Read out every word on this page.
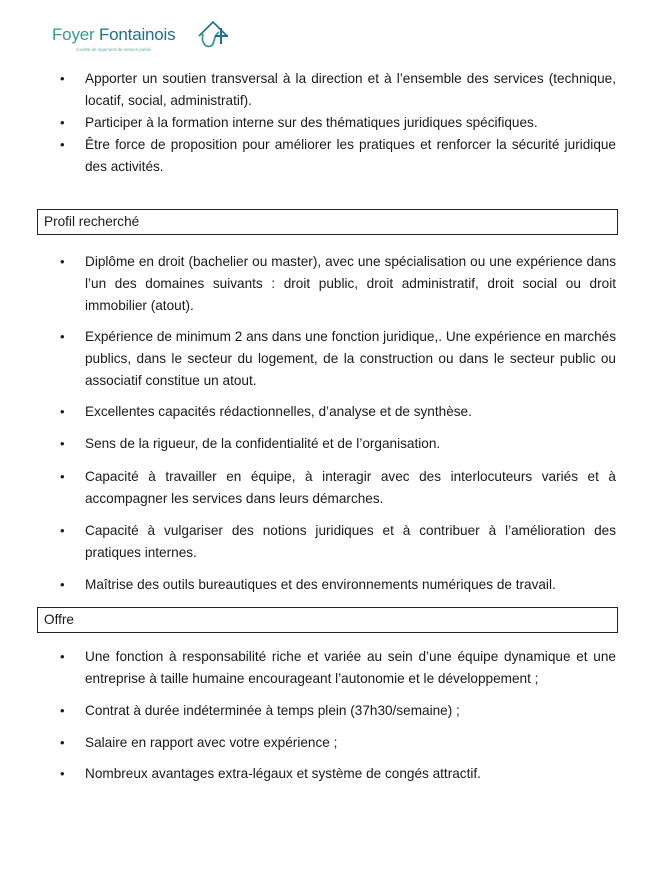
Foyer Fontainois
société de logement de service public
• Apporter un soutien transversal à la direction et à l’ensemble des services (technique, locatif, social, administratif).
• Participer à la formation interne sur des thématiques juridiques spécifiques.
• Être force de proposition pour améliorer les pratiques et renforcer la sécurité juridique des activités.
Profil recherché
• Diplôme en droit (bachelier ou master), avec une spécialisation ou une expérience dans l’un des domaines suivants : droit public, droit administratif, droit social ou droit immobilier (atout).
• Expérience de minimum 2 ans dans une fonction juridique,. Une expérience en marchés publics, dans le secteur du logement, de la construction ou dans le secteur public ou associatif constitue un atout.
• Excellentes capacités rédactionnelles, d’analyse et de synthèse.
• Sens de la rigueur, de la confidentialité et de l’organisation.
• Capacité à travailler en équipe, à interagir avec des interlocuteurs variés et à accompagner les services dans leurs démarches.
• Capacité à vulgariser des notions juridiques et à contribuer à l’amélioration des pratiques internes.
• Maîtrise des outils bureautiques et des environnements numériques de travail.
Offre
• Une fonction à responsabilité riche et variée au sein d’une équipe dynamique et une entreprise à taille humaine encourageant l’autonomie et le développement ;
• Contrat à durée indéterminée à temps plein (37h30/semaine) ;
• Salaire en rapport avec votre expérience ;
• Nombreux avantages extra-légaux et système de congés attractif.
